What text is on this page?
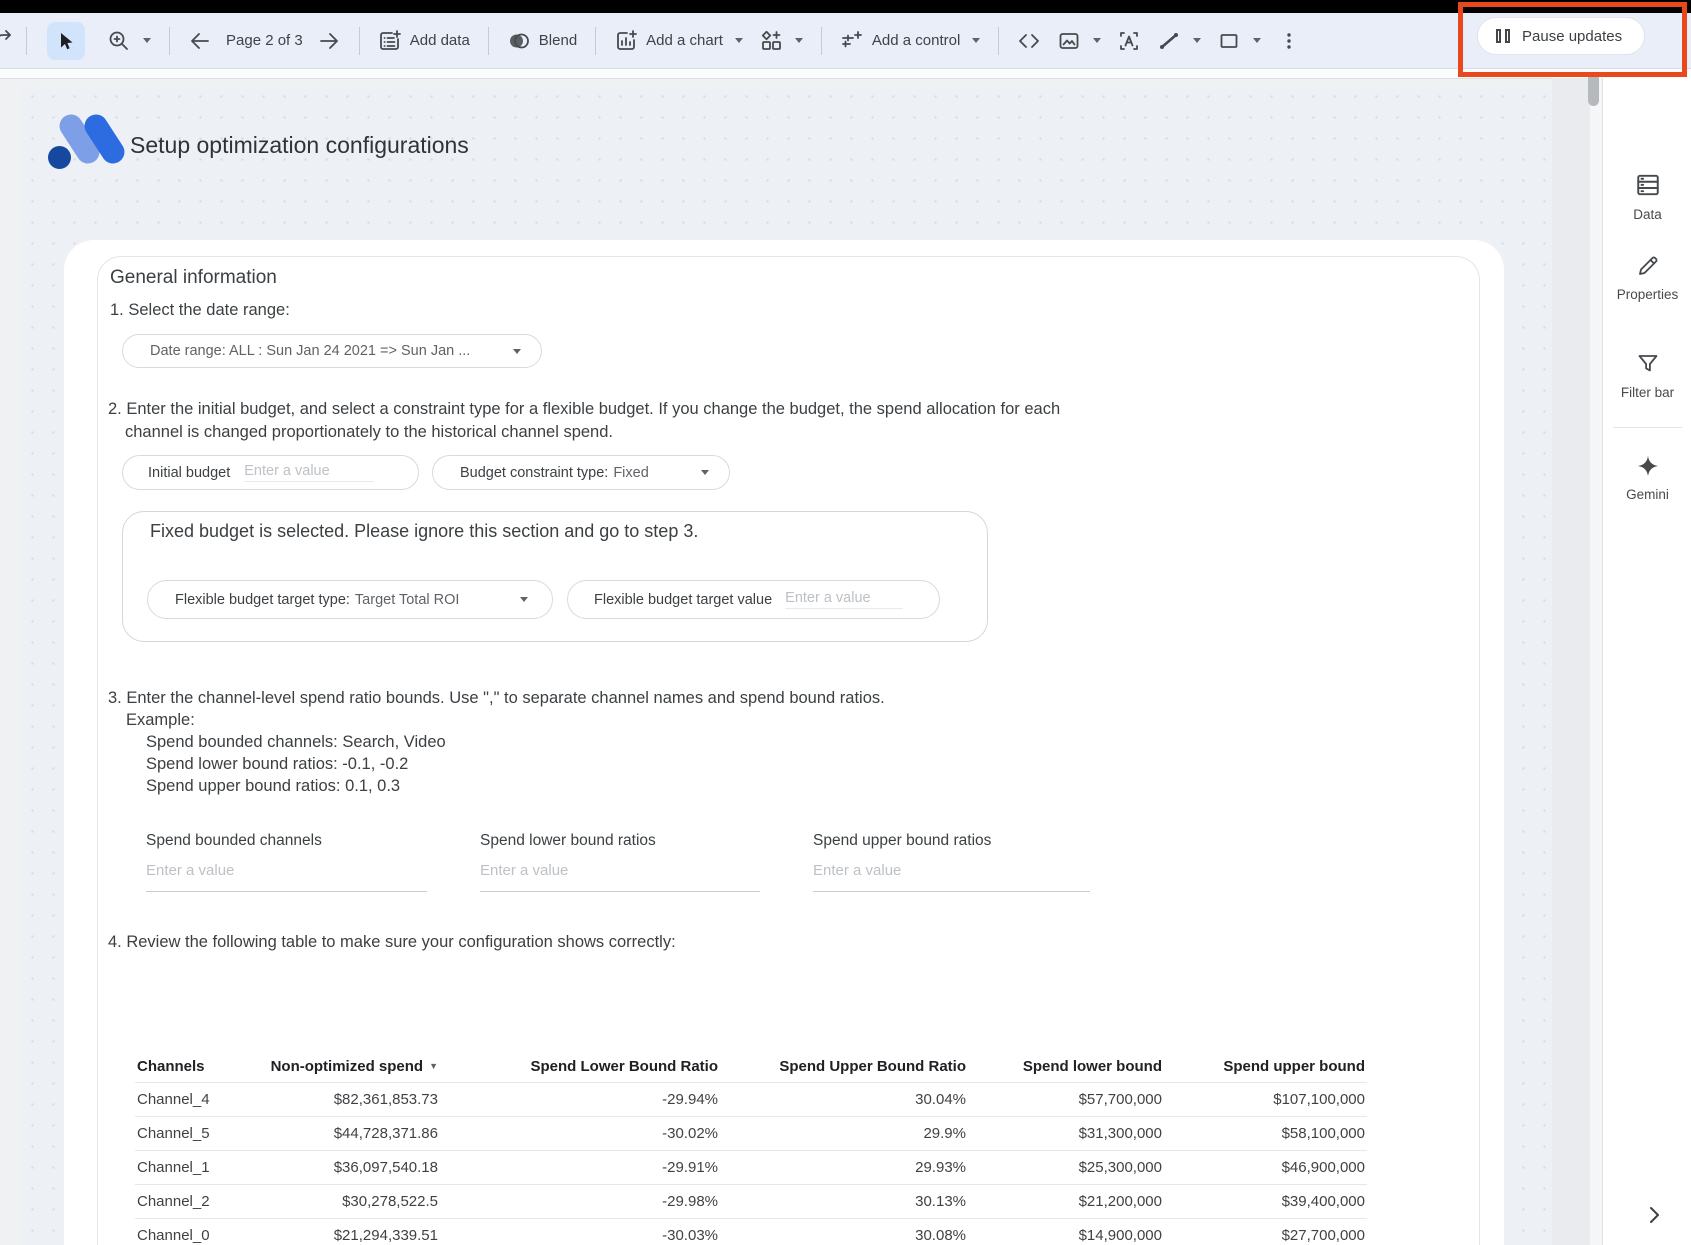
Page 2 of 3	Add data	Blend	Add a chart	Add a control	Pause updates
Setup optimization configurations
General information
1. Select the date range:
Date range: ALL : Sun Jan 24 2021 => Sun Jan ...
2. Enter the initial budget, and select a constraint type for a flexible budget. If you change the budget, the spend allocation for each
channel is changed proportionately to the historical channel spend.
Initial budget Enter a value	Budget constraint type: Fixed
Fixed budget is selected. Please ignore this section and go to step 3.
Flexible budget target type: Target Total ROI	Flexible budget target value Enter a value
3. Enter the channel-level spend ratio bounds. Use "," to separate channel names and spend bound ratios.
Example:
Spend bounded channels: Search, Video
Spend lower bound ratios: -0.1, -0.2
Spend upper bound ratios: 0.1, 0.3
Spend bounded channels	Spend lower bound ratios	Spend upper bound ratios
Enter a value	Enter a value	Enter a value
4. Review the following table to make sure your configuration shows correctly:
Channels	Non-optimized spend ▼	Spend Lower Bound Ratio	Spend Upper Bound Ratio	Spend lower bound	Spend upper bound
Channel_4	$82,361,853.73	-29.94%	30.04%	$57,700,000	$107,100,000
Channel_5	$44,728,371.86	-30.02%	29.9%	$31,300,000	$58,100,000
Channel_1	$36,097,540.18	-29.91%	29.93%	$25,300,000	$46,900,000
Channel_2	$30,278,522.5	-29.98%	30.13%	$21,200,000	$39,400,000
Channel_0	$21,294,339.51	-30.03%	30.08%	$14,900,000	$27,700,000
Data
Properties
Filter bar
Gemini
